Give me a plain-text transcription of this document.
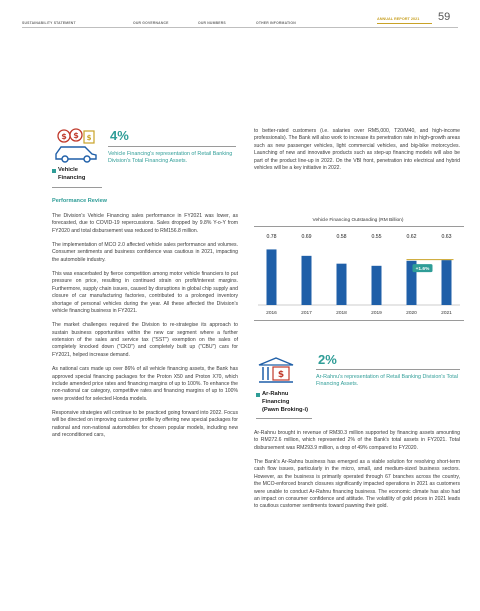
SUSTAINABILITY STATEMENT	OUR GOVERNANCE	OUR NUMBERS	OTHER INFORMATION
ANNUAL REPORT 2021 59
$ $ $ 4%
Vehicle Financing's representation of Retail Banking Division's Total Financing Assets.
Vehicle
Financing
Performance Review

The Division's Vehicle Financing sales performance in FY2021 was lower, as forecasted, due to COVID-19 repercussions. Sales dropped by 9.8% Y-o-Y from FY2020 and total disbursement was reduced to RM156.8 million.

The implementation of MCO 2.0 affected vehicle sales performance and volumes. Consumer sentiments and business confidence was cautious in 2021, impacting the automobile industry.

This was exacerbated by fierce competition among motor vehicle financiers to put pressure on price, resulting in continued strain on profit/interest margins. Furthermore, supply chain issues, caused by disruptions in global chip supply and closure of car manufacturing factories, contributed to a prolonged inventory shortage of personal vehicles during the year. All these affected the Division's vehicle financing business in FY2021.

The market challenges required the Division to re-strategise its approach to sustain business opportunities within the new car segment where a further extension of the sales and service tax ("SST") exemption on the sales of completely knocked down ("CKD") and completely built up ("CBU") cars for FY2021, helped increase demand.

As national cars made up over 86% of all vehicle financing assets, the Bank has approved special financing packages for the Proton X50 and Proton X70, which include amended price rates and financing margins of up to 100%. To enhance the non-national car category, competitive rates and financing margins of up to 100% were provided for selected Honda models.

Responsive strategies will continue to be practiced going forward into 2022. Focus will be directed on improving customer profile by offering new special packages for national and non-national automobiles for chosen popular models, including new and reconditioned cars,

to better-rated customers (i.e. salaries over RM5,000, T20/M40, and high-income professionals). The Bank will also work to increase its penetration rate in high-growth areas such as new passenger vehicles, light commercial vehicles, and big-bike motorcycles. Launching of new and innovative products such as step-up financing models will also be part of the product line-up in 2022. On the VBI front, penetration into electrical and hybrid vehicles will be a key initiative in 2022.

Vehicle Financing Outstanding (RM Billion)
0.78
2016
0.69
2017
0.58
2018
0.55
2019
0.62
2020
0.63
2021
+1.6%
$
2%
Ar-Rahnu's representation of Retail Banking Division's Total Financing Assets.
Ar-Rahnu
Financing
(Pawn Broking-i)

Ar-Rahnu brought in revenue of RM30.3 million supported by financing assets amounting to RM272.6 million, which represented 2% of the Bank's total assets in FY2021. Total disbursement was RM293.9 million, a drop of 49% compared to FY2020.

The Bank's Ar-Rahnu business has emerged as a viable solution for resolving short-term cash flow issues, particularly in the micro, small, and medium-sized business sectors. However, as the business is primarily operated through 67 branches across the country, the MCO-enforced branch closures significantly impacted operations in 2021 as customers were unable to conduct Ar-Rahnu financing business. The economic climate has also had an impact on consumer confidence and attitude. The volatility of gold prices in 2021 leads to cautious customer sentiments toward pawning their gold.
